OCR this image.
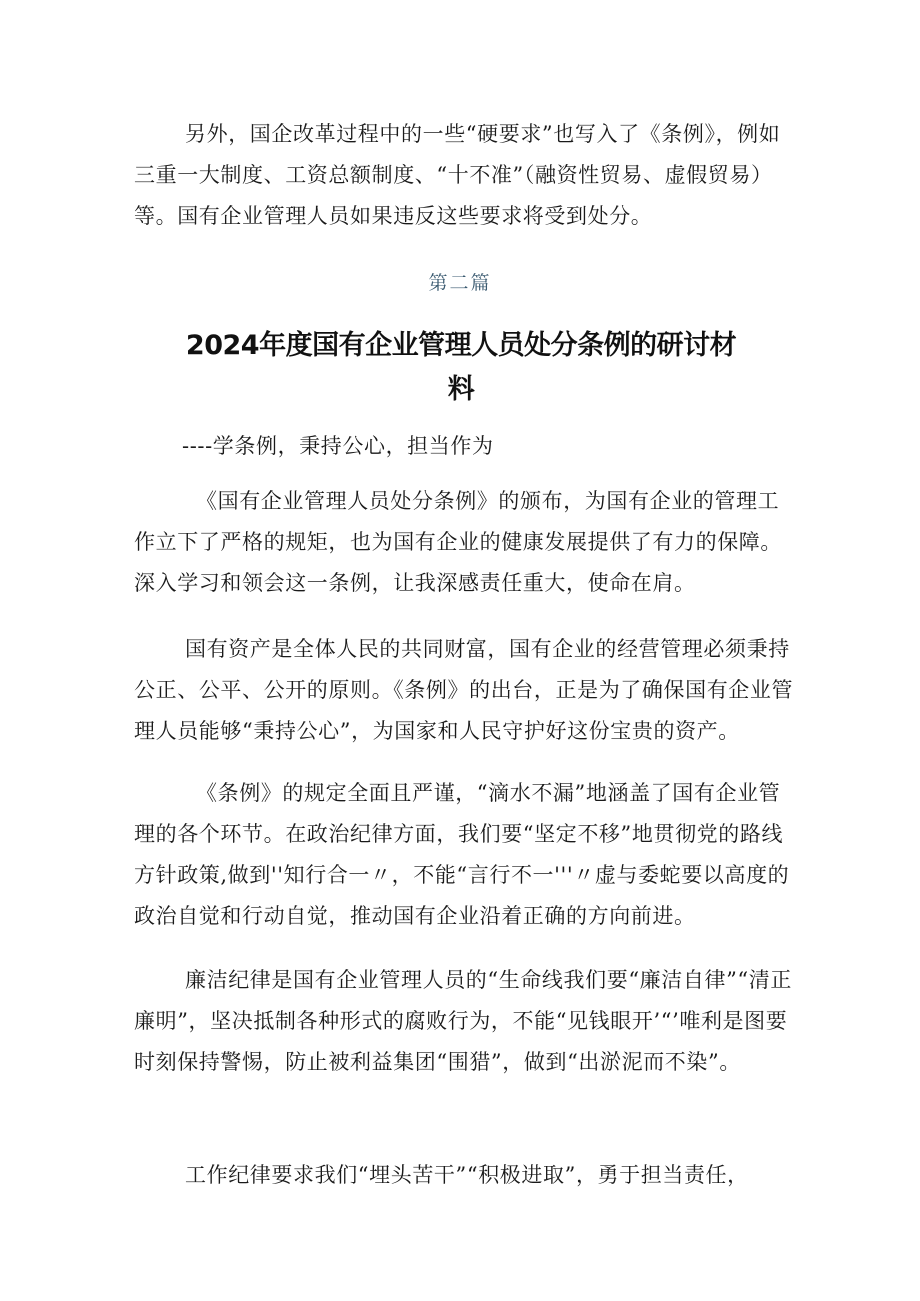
另外，国企改革过程中的一些“硬要求”也写入了《条例》，例如三重一大制度、工资总额制度、“十不准”（融资性贸易、虚假贸易）等。国有企业管理人员如果违反这些要求将受到处分。

第二篇

2024年度国有企业管理人员处分条例的研讨材料

----学条例，秉持公心，担当作为

《国有企业管理人员处分条例》的颁布，为国有企业的管理工作立下了严格的规矩，也为国有企业的健康发展提供了有力的保障。深入学习和领会这一条例，让我深感责任重大，使命在肩。

国有资产是全体人民的共同财富，国有企业的经营管理必须秉持公正、公平、公开的原则。《条例》的出台，正是为了确保国有企业管理人员能够“秉持公心”，为国家和人民守护好这份宝贵的资产。

《条例》的规定全面且严谨，“滴水不漏”地涵盖了国有企业管理的各个环节。在政治纪律方面，我们要“坚定不移”地贯彻党的路线方针政策,做到''知行合一〃，不能“言行不一'''〃虚与委蛇要以高度的政治自觉和行动自觉，推动国有企业沿着正确的方向前进。

廉洁纪律是国有企业管理人员的“生命线我们要“廉洁自律”“清正廉明”，坚决抵制各种形式的腐败行为，不能“见钱眼开’“’唯利是图要时刻保持警惕，防止被利益集团“围猎”，做到“出淤泥而不染”。

工作纪律要求我们“埋头苦干”“积极进取”，勇于担当责任，
